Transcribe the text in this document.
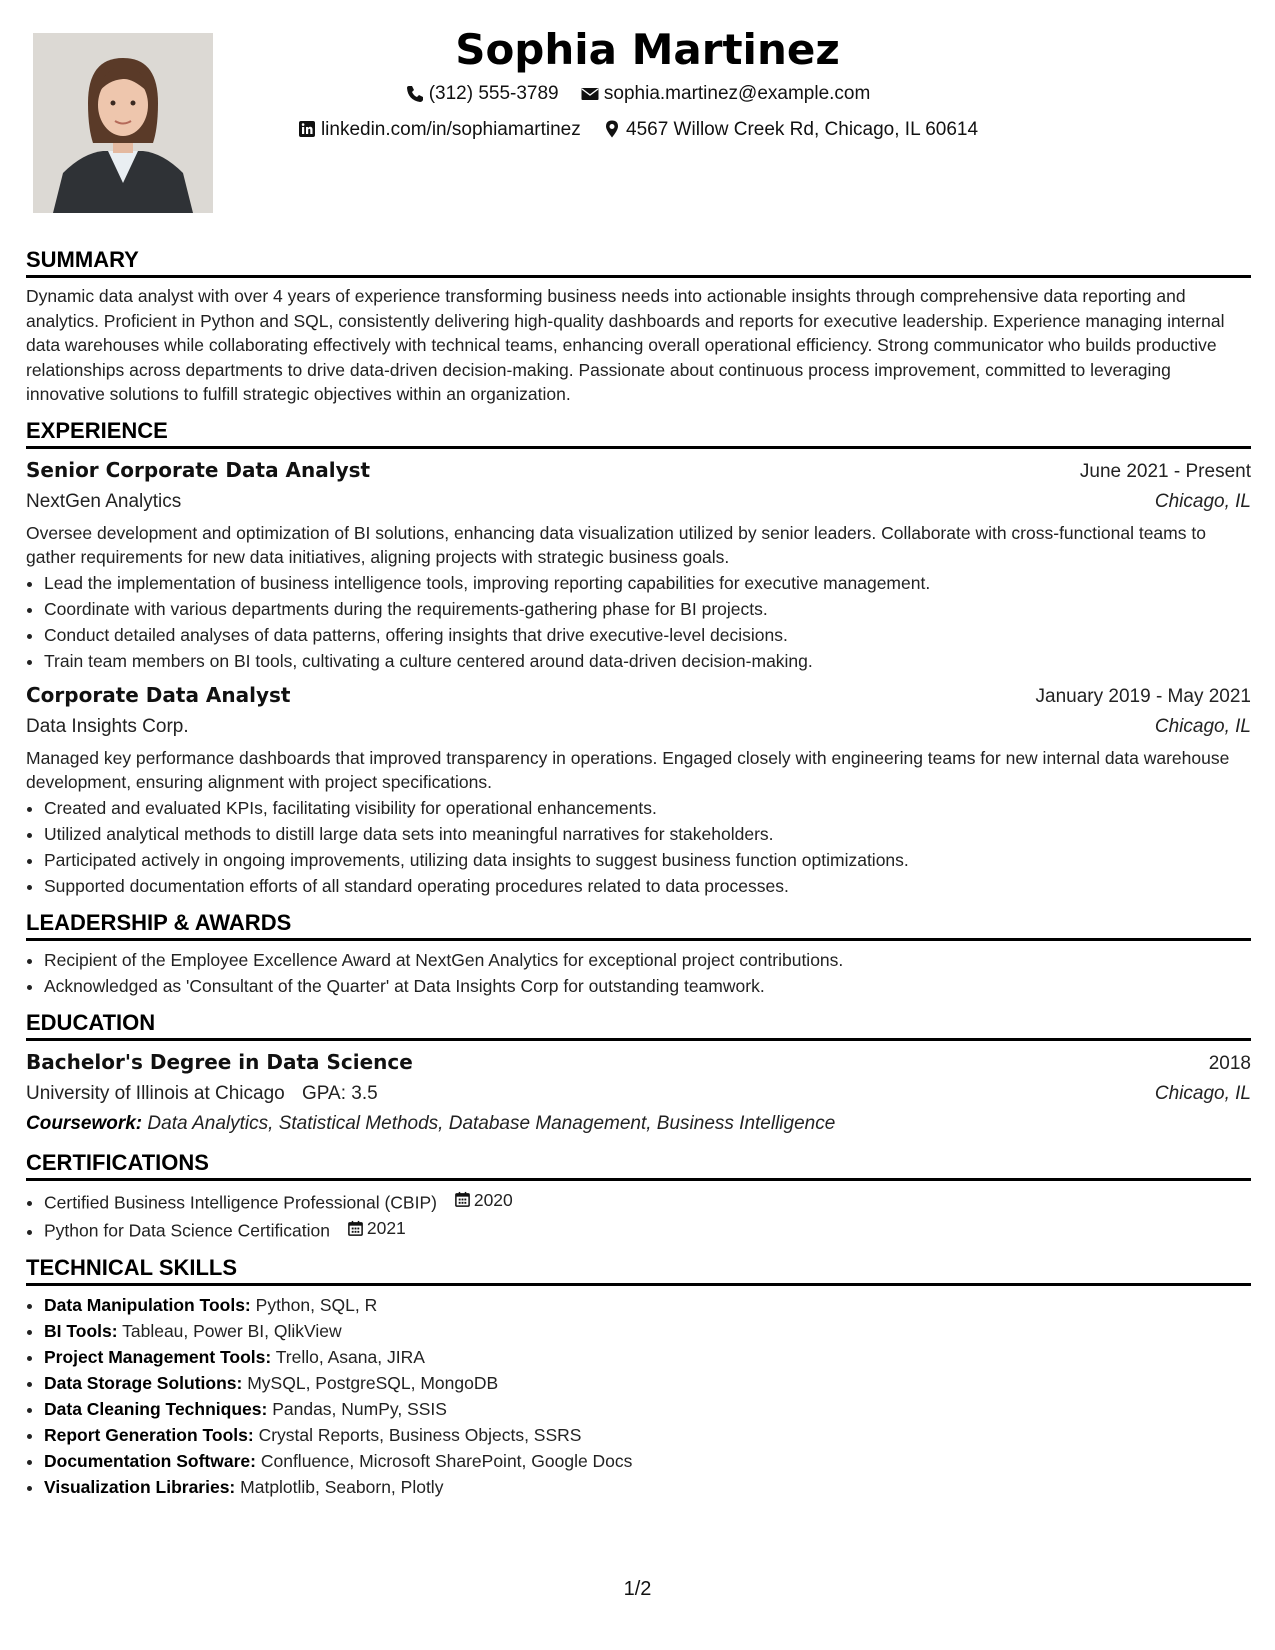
Sophia Martinez
(312) 555-3789
sophia.martinez@example.com
linkedin.com/in/sophiamartinez
4567 Willow Creek Rd, Chicago, IL 60614
SUMMARY

Dynamic data analyst with over 4 years of experience transforming business needs into actionable insights through comprehensive data reporting and analytics. Proficient in Python and SQL, consistently delivering high-quality dashboards and reports for executive leadership. Experience managing internal data warehouses while collaborating effectively with technical teams, enhancing overall operational efficiency. Strong communicator who builds productive relationships across departments to drive data-driven decision-making. Passionate about continuous process improvement, committed to leveraging innovative solutions to fulfill strategic objectives within an organization.

EXPERIENCE
Senior Corporate Data Analyst	June 2021 - Present
NextGen Analytics	Chicago, IL

Oversee development and optimization of BI solutions, enhancing data visualization utilized by senior leaders. Collaborate with cross-functional teams to gather requirements for new data initiatives, aligning projects with strategic business goals.

• Lead the implementation of business intelligence tools, improving reporting capabilities for executive management.
• Coordinate with various departments during the requirements-gathering phase for BI projects.
• Conduct detailed analyses of data patterns, offering insights that drive executive-level decisions.
• Train team members on BI tools, cultivating a culture centered around data-driven decision-making.
Corporate Data Analyst	January 2019 - May 2021
Data Insights Corp.	Chicago, IL

Managed key performance dashboards that improved transparency in operations. Engaged closely with engineering teams for new internal data warehouse development, ensuring alignment with project specifications.

• Created and evaluated KPIs, facilitating visibility for operational enhancements.
• Utilized analytical methods to distill large data sets into meaningful narratives for stakeholders.
• Participated actively in ongoing improvements, utilizing data insights to suggest business function optimizations.
• Supported documentation efforts of all standard operating procedures related to data processes.
LEADERSHIP & AWARDS
• Recipient of the Employee Excellence Award at NextGen Analytics for exceptional project contributions.
• Acknowledged as 'Consultant of the Quarter' at Data Insights Corp for outstanding teamwork.
EDUCATION
Bachelor's Degree in Data Science	2018
University of Illinois at Chicago GPA: 3.5	Chicago, IL
Coursework: Data Analytics, Statistical Methods, Database Management, Business Intelligence
CERTIFICATIONS
• Certified Business Intelligence Professional (CBIP) 2020
• Python for Data Science Certification 2021
TECHNICAL SKILLS
• Data Manipulation Tools: Python, SQL, R
• BI Tools: Tableau, Power BI, QlikView
• Project Management Tools: Trello, Asana, JIRA
• Data Storage Solutions: MySQL, PostgreSQL, MongoDB
• Data Cleaning Techniques: Pandas, NumPy, SSIS
• Report Generation Tools: Crystal Reports, Business Objects, SSRS
• Documentation Software: Confluence, Microsoft SharePoint, Google Docs
• Visualization Libraries: Matplotlib, Seaborn, Plotly
1/2
